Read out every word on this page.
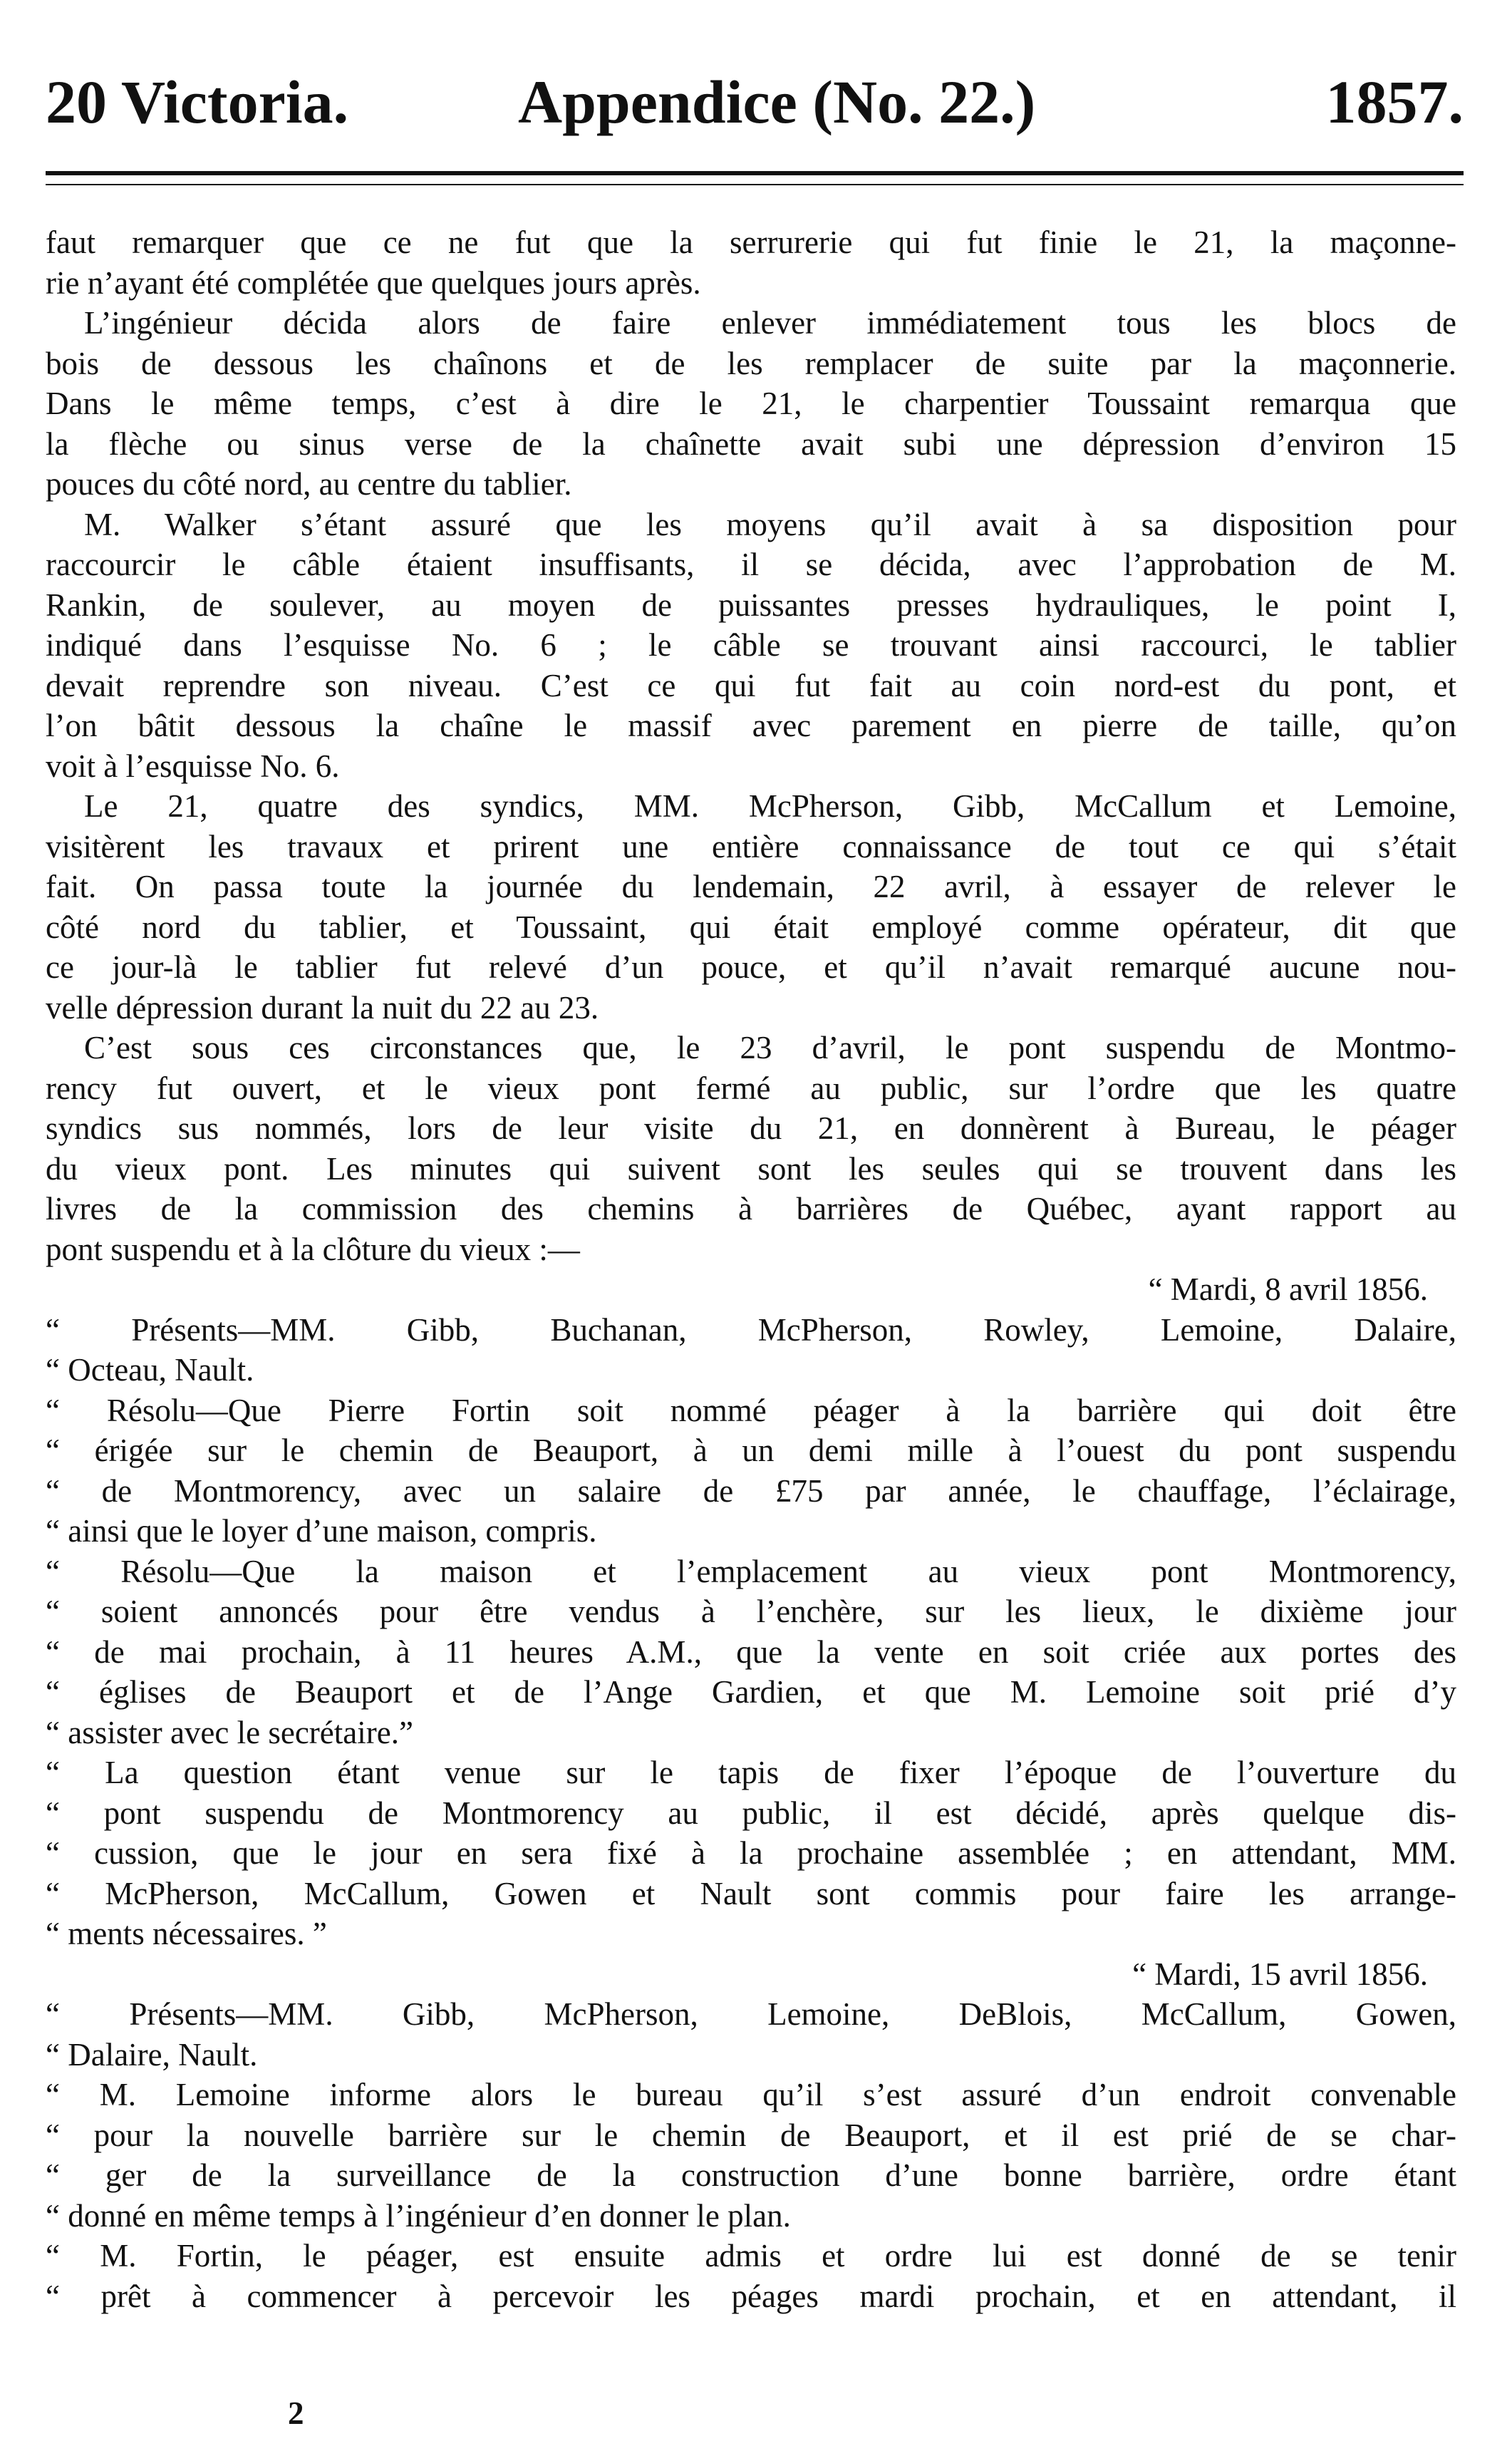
20 Victoria.	Appendice (No. 22.)	1857.
faut remarquer que ce ne fut que la serrurerie qui fut finie le 21, la maçonne-
rie n’ayant été complétée que quelques jours après.
L’ingénieur décida alors de faire enlever immédiatement tous les blocs de
bois de dessous les chaînons et de les remplacer de suite par la maçonnerie.
Dans le même temps, c’est à dire le 21, le charpentier Toussaint remarqua que
la flèche ou sinus verse de la chaînette avait subi une dépression d’environ 15
pouces du côté nord, au centre du tablier.
M. Walker s’étant assuré que les moyens qu’il avait à sa disposition pour
raccourcir le câble étaient insuffisants, il se décida, avec l’approbation de M.
Rankin, de soulever, au moyen de puissantes presses hydrauliques, le point I,
indiqué dans l’esquisse No. 6 ; le câble se trouvant ainsi raccourci, le tablier
devait reprendre son niveau. C’est ce qui fut fait au coin nord-est du pont, et
l’on bâtit dessous la chaîne le massif avec parement en pierre de taille, qu’on
voit à l’esquisse No. 6.
Le 21, quatre des syndics, MM. McPherson, Gibb, McCallum et Lemoine,
visitèrent les travaux et prirent une entière connaissance de tout ce qui s’était
fait. On passa toute la journée du lendemain, 22 avril, à essayer de relever le
côté nord du tablier, et Toussaint, qui était employé comme opérateur, dit que
ce jour-là le tablier fut relevé d’un pouce, et qu’il n’avait remarqué aucune nou-
velle dépression durant la nuit du 22 au 23.
C’est sous ces circonstances que, le 23 d’avril, le pont suspendu de Montmo-
rency fut ouvert, et le vieux pont fermé au public, sur l’ordre que les quatre
syndics sus nommés, lors de leur visite du 21, en donnèrent à Bureau, le péager
du vieux pont. Les minutes qui suivent sont les seules qui se trouvent dans les
livres de la commission des chemins à barrières de Québec, ayant rapport au
pont suspendu et à la clôture du vieux :—
“ Mardi, 8 avril 1856.
“ Présents—MM. Gibb, Buchanan, McPherson, Rowley, Lemoine, Dalaire,
“ Octeau, Nault.
“ Résolu—Que Pierre Fortin soit nommé péager à la barrière qui doit être
“ érigée sur le chemin de Beauport, à un demi mille à l’ouest du pont suspendu
“ de Montmorency, avec un salaire de £75 par année, le chauffage, l’éclairage,
“ ainsi que le loyer d’une maison, compris.
“ Résolu—Que la maison et l’emplacement au vieux pont Montmorency,
“ soient annoncés pour être vendus à l’enchère, sur les lieux, le dixième jour
“ de mai prochain, à 11 heures A.M., que la vente en soit criée aux portes des
“ églises de Beauport et de l’Ange Gardien, et que M. Lemoine soit prié d’y
“ assister avec le secrétaire.”
“ La question étant venue sur le tapis de fixer l’époque de l’ouverture du
“ pont suspendu de Montmorency au public, il est décidé, après quelque dis-
“ cussion, que le jour en sera fixé à la prochaine assemblée ; en attendant, MM.
“ McPherson, McCallum, Gowen et Nault sont commis pour faire les arrange-
“ ments nécessaires. ”
“ Mardi, 15 avril 1856.
“ Présents—MM. Gibb, McPherson, Lemoine, DeBlois, McCallum, Gowen,
“ Dalaire, Nault.
“ M. Lemoine informe alors le bureau qu’il s’est assuré d’un endroit convenable
“ pour la nouvelle barrière sur le chemin de Beauport, et il est prié de se char-
“ ger de la surveillance de la construction d’une bonne barrière, ordre étant
“ donné en même temps à l’ingénieur d’en donner le plan.
“ M. Fortin, le péager, est ensuite admis et ordre lui est donné de se tenir
“ prêt à commencer à percevoir les péages mardi prochain, et en attendant, il
2
